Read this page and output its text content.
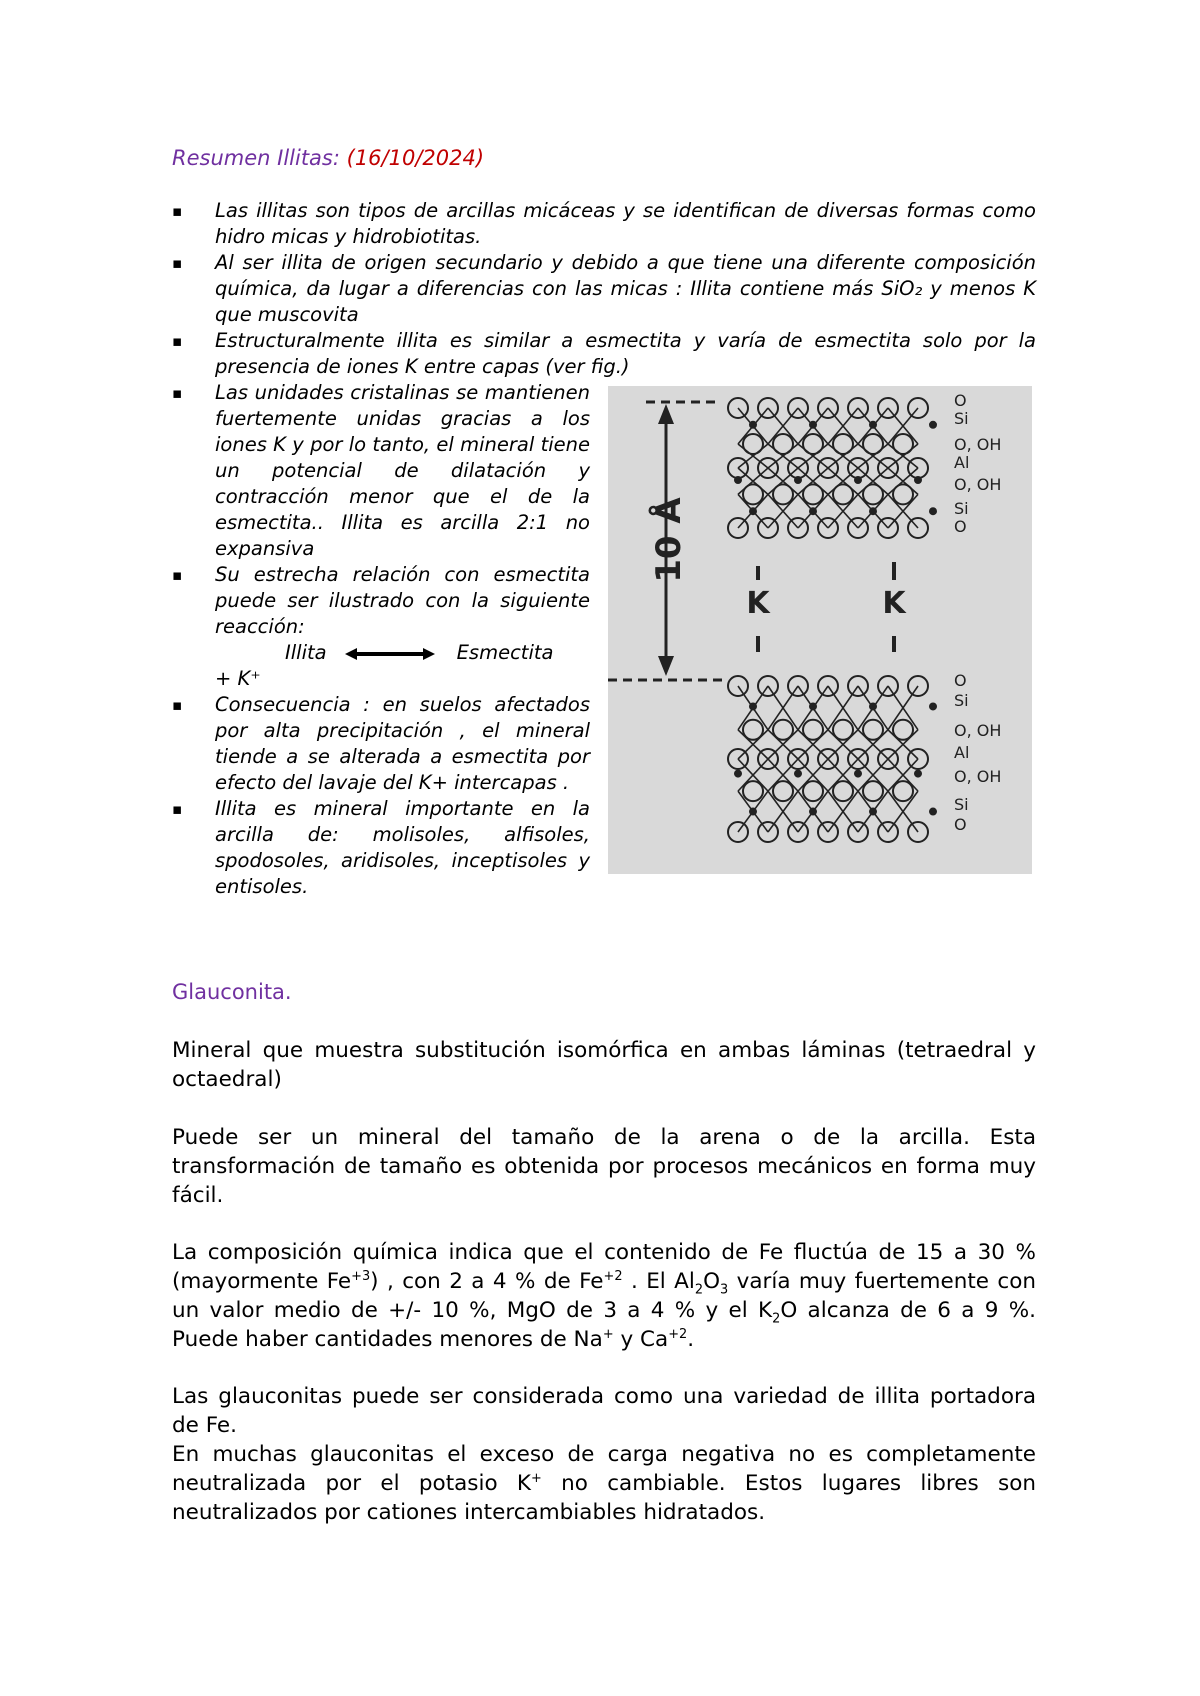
Resumen Illitas: (16/10/2024)
▪ Las illitas son tipos de arcillas micáceas y se identifican de diversas formas como hidro micas y hidrobiotitas.
▪ Al ser illita de origen secundario y debido a que tiene una diferente composición química, da lugar a diferencias con las micas : Illita contiene más SiO₂ y menos K que muscovita
▪ Estructuralmente illita es similar a esmectita y varía de esmectita solo por la presencia de iones K entre capas (ver fig.)
▪ Las unidades cristalinas se mantienen fuertemente unidas gracias a los iones K y por lo tanto, el mineral tiene un potencial de dilatación y contracción menor que el de la esmectita.. Illita es arcilla 2:1 no expansiva
▪ Su estrecha relación con esmectita puede ser ilustrado con la siguiente reacción:
Illita	Esmectita
+ K⁺
▪ Consecuencia : en suelos afectados por alta precipitación , el mineral tiende a se alterada a esmectita por efecto del lavaje del K+ intercapas .
▪ Illita es mineral importante en la arcilla de: molisoles, alfisoles, spodosoles, aridisoles, inceptisoles y entisoles.
10 Å
K	K
O
Si
O, OH
Al
O, OH
Si
O
O
Si
O, OH
Al
O, OH
Si
O
Glauconita.

Mineral que muestra substitución isomórfica en ambas láminas (tetraedral y octaedral)

Puede ser un mineral del tamaño de la arena o de la arcilla. Esta transformación de tamaño es obtenida por procesos mecánicos en forma muy fácil.

La composición química indica que el contenido de Fe fluctúa de 15 a 30 % (mayormente $Fe^{+3}$) , con 2 a 4 % de $Fe^{+2}$ . El $Al_2O_3$ varía muy fuertemente con un valor medio de +/- 10 %, MgO de 3 a 4 % y el $K_2O$ alcanza de 6 a 9 %. Puede haber cantidades menores de Na+ y $Ca^{+2}$.

Las glauconitas puede ser considerada como una variedad de illita portadora de Fe.

En muchas glauconitas el exceso de carga negativa no es completamente neutralizada por el potasio K+ no cambiable. Estos lugares libres son neutralizados por cationes intercambiables hidratados.
